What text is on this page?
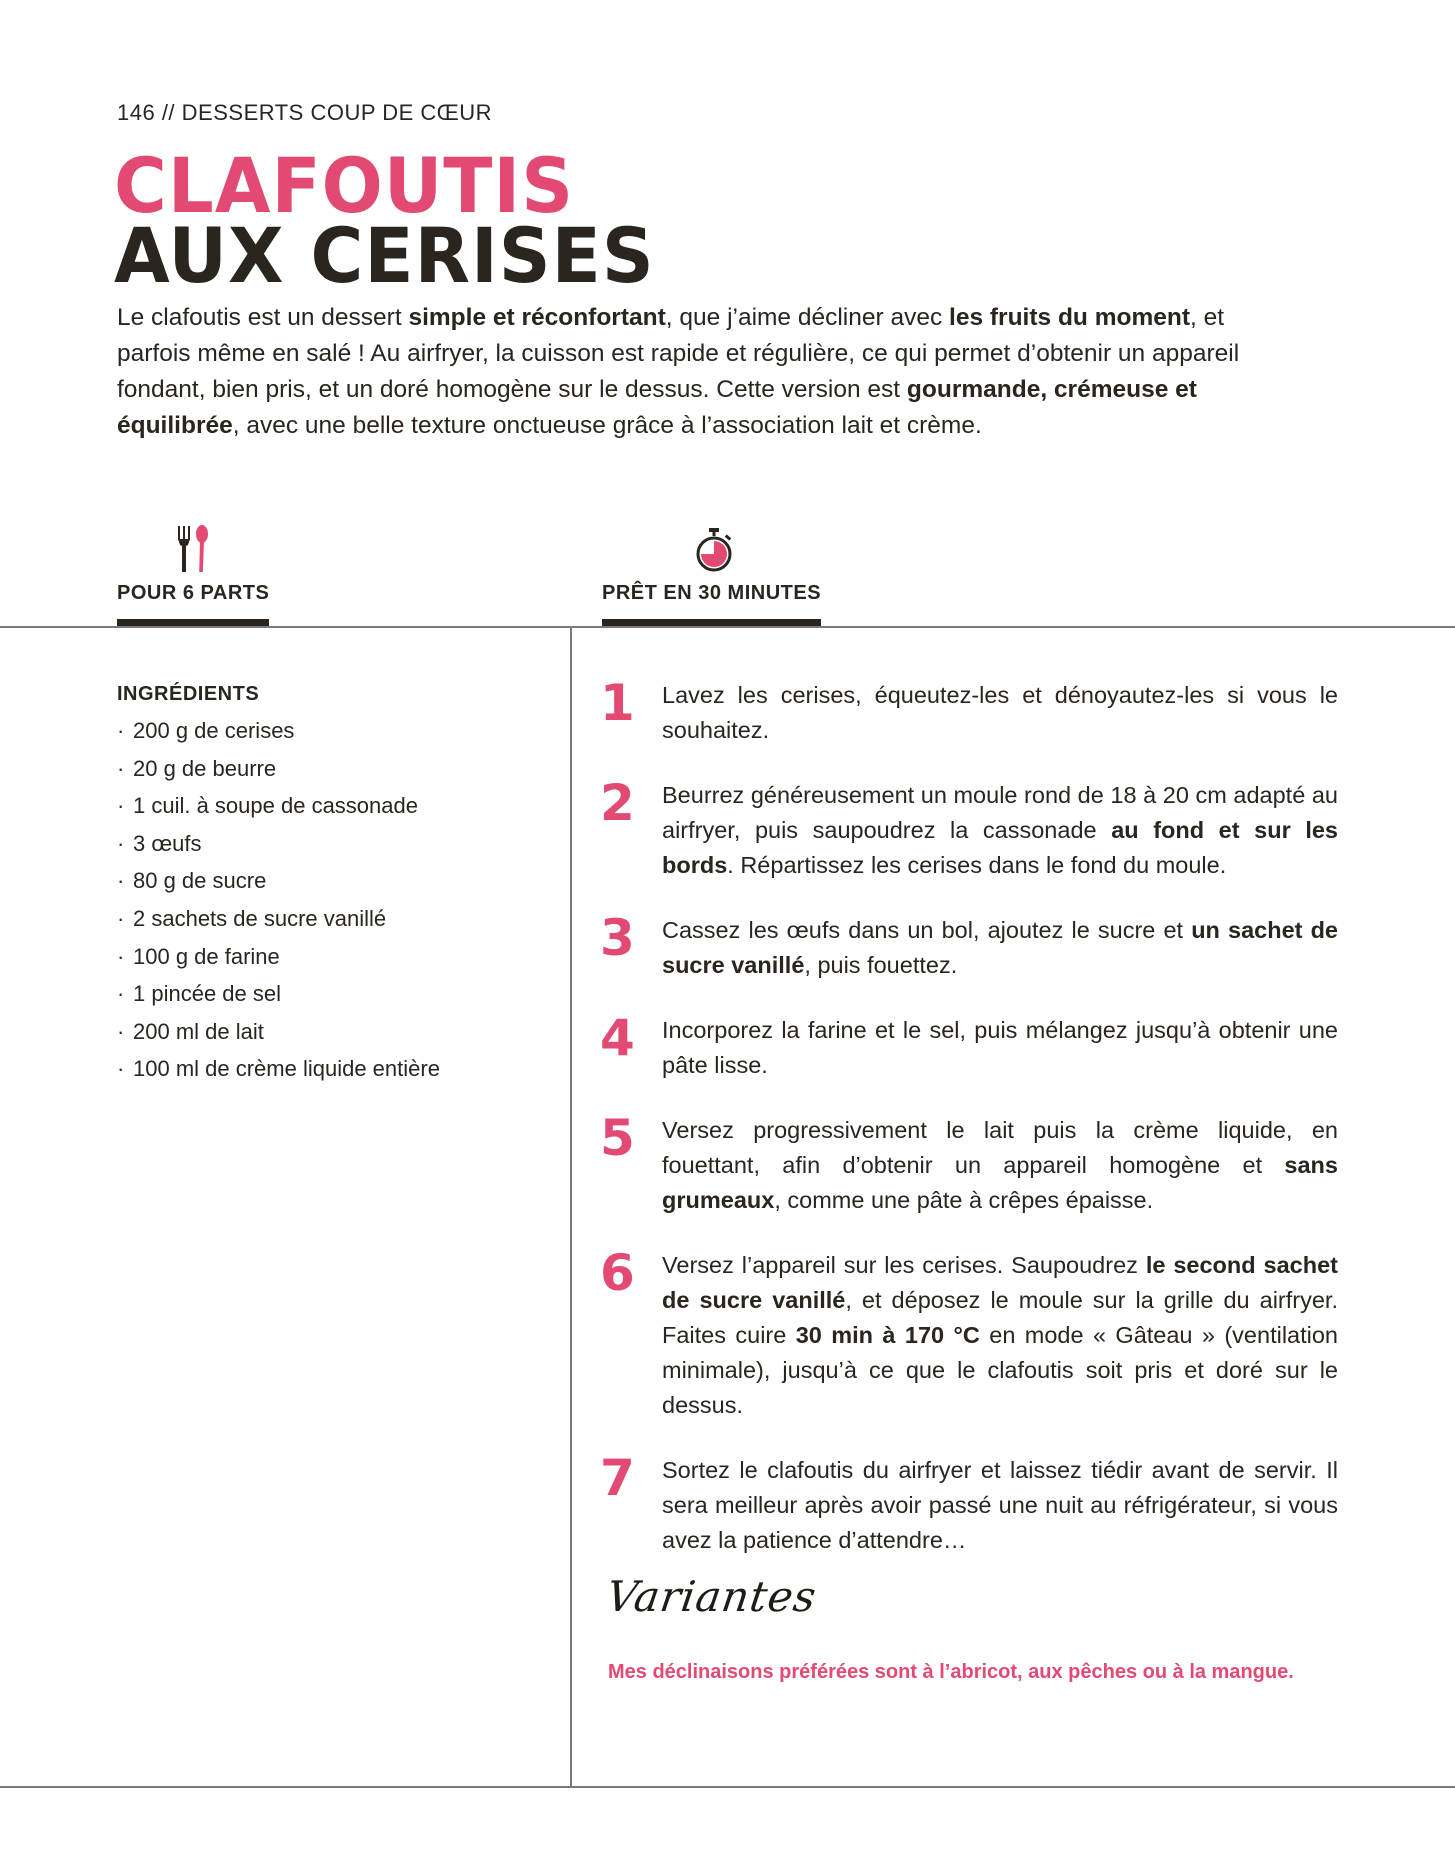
146 // DESSERTS COUP DE CŒUR
CLAFOUTIS
AUX CERISES
Le clafoutis est un dessert simple et réconfortant, que j’aime décliner avec les fruits du moment, et parfois même en salé ! Au airfryer, la cuisson est rapide et régulière, ce qui permet d’obtenir un appareil fondant, bien pris, et un doré homogène sur le dessus. Cette version est gourmande, crémeuse et équilibrée, avec une belle texture onctueuse grâce à l’association lait et crème.
POUR 6 PARTS	PRÊT EN 30 MINUTES
INGRÉDIENTS
· 200 g de cerises
· 20 g de beurre
· 1 cuil. à soupe de cassonade
· 3 œufs
· 80 g de sucre
· 2 sachets de sucre vanillé
· 100 g de farine
· 1 pincée de sel
· 200 ml de lait
· 100 ml de crème liquide entière
1	Lavez les cerises, équeutez-les et dénoyautez-les si vous le souhaitez.
2	Beurrez généreusement un moule rond de 18 à 20 cm adapté au airfryer, puis saupoudrez la cassonade au fond et sur les bords. Répartissez les cerises dans le fond du moule.
3	Cassez les œufs dans un bol, ajoutez le sucre et un sachet de sucre vanillé, puis fouettez.
4	Incorporez la farine et le sel, puis mélangez jusqu’à obtenir une pâte lisse.
5	Versez progressivement le lait puis la crème liquide, en fouettant, afin d’obtenir un appareil homogène et sans grumeaux, comme une pâte à crêpes épaisse.
6	Versez l’appareil sur les cerises. Saupoudrez le second sachet de sucre vanillé, et déposez le moule sur la grille du airfryer. Faites cuire 30 min à 170 °C en mode « Gâteau » (ventilation minimale), jusqu’à ce que le clafoutis soit pris et doré sur le dessus.
7	Sortez le clafoutis du airfryer et laissez tiédir avant de servir. Il sera meilleur après avoir passé une nuit au réfrigérateur, si vous avez la patience d’attendre…
Variantes
Mes déclinaisons préférées sont à l’abricot, aux pêches ou à la mangue.
